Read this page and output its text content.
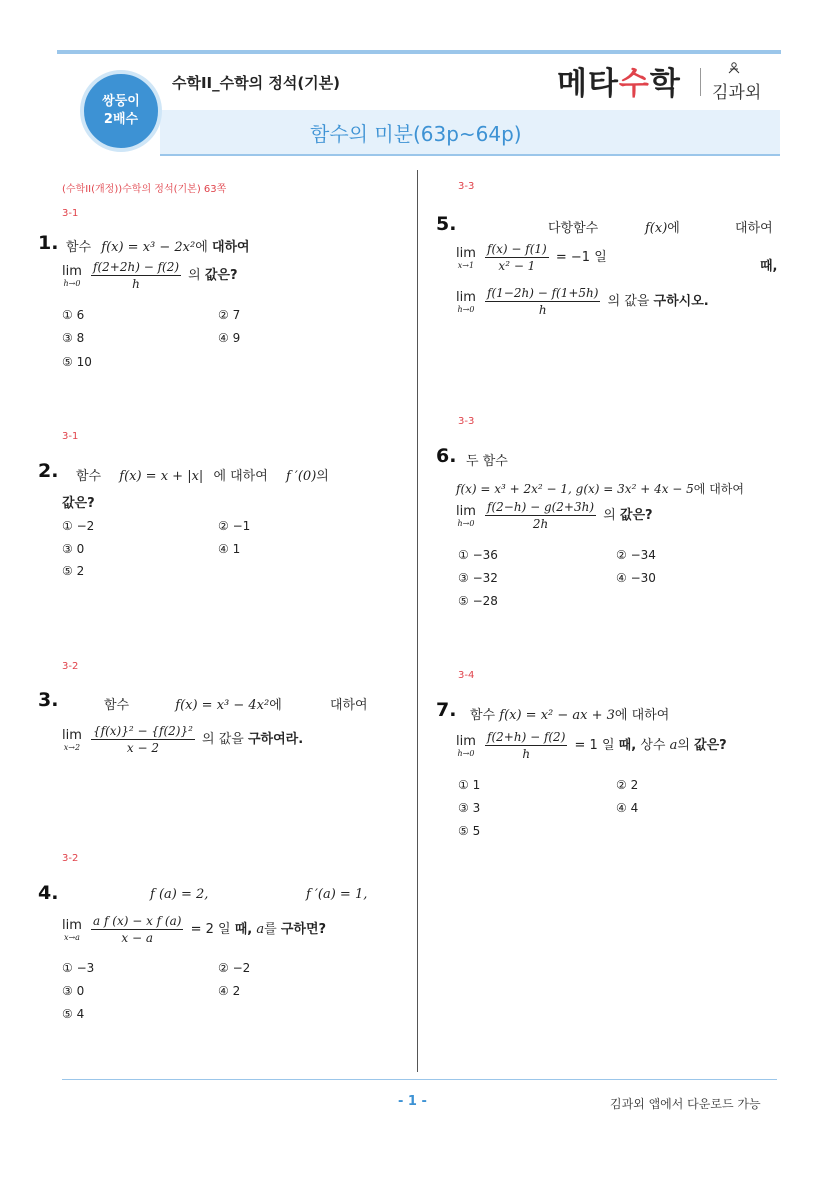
쌍둥이
2배수
수학II_수학의 정석(기본)
함수의 미분(63p~64p)
메타수학 김과외
(수학II(개정))수학의 정석(기본) 63쪽
3-1
1. 함수 f(x) = x³ − 2x²에 대하여
lim
h→0
$\frac{f(2+2h) - f(2)}{h}$ 의 값은?
① 6	② 7
③ 8	④ 9
⑤ 10
3-1
2. 함수 f(x) = x + |x| 에 대하여 f ′(0)의
값은?
① −2	② −1
③ 0	④ 1
⑤ 2
3-2
3.	함수	f(x) = x³ − 4x²에	대하여
lim
x→2
$\frac{\text{\{f(x)\}² − \{f(2)\}²}}{x - 2}$ 의 값을 구하여라.
3-2
4.	f (a) = 2,	f ′(a) = 1,
lim
x→a
$\frac{\text{a f (x) − x f (a)}}{x - a} = 2$ 일 때, a를 구하면?
① −3	② −2
③ 0	④ 2
⑤ 4
3-3
5.	다항함수	f(x)에	대하여
lim
x→1
$\frac{f(x) - f(1)}{\text{x² − 1}} = -1$ 일
때,
lim
h→0
$\frac{f(1-2h) - f(1+5h)}{h}$ 의 값을 구하시오.
3-3
6. 두 함수
f(x) = x³ + 2x² − 1, g(x) = 3x² + 4x − 5에 대하여
lim
h→0
$\frac{f(2-h) - g(2+3h)}{2h}$ 의 값은?
① −36	② −34
③ −32	④ −30
⑤ −28
3-4
7. 함수 f(x) = x² − ax + 3에 대하여
lim
h→0
$\frac{f(2+h) - f(2)}{h} = 1$ 일 때, 상수 a의 값은?
① 1	② 2
③ 3	④ 4
⑤ 5
- 1 -	김과외 앱에서 다운로드 가능
